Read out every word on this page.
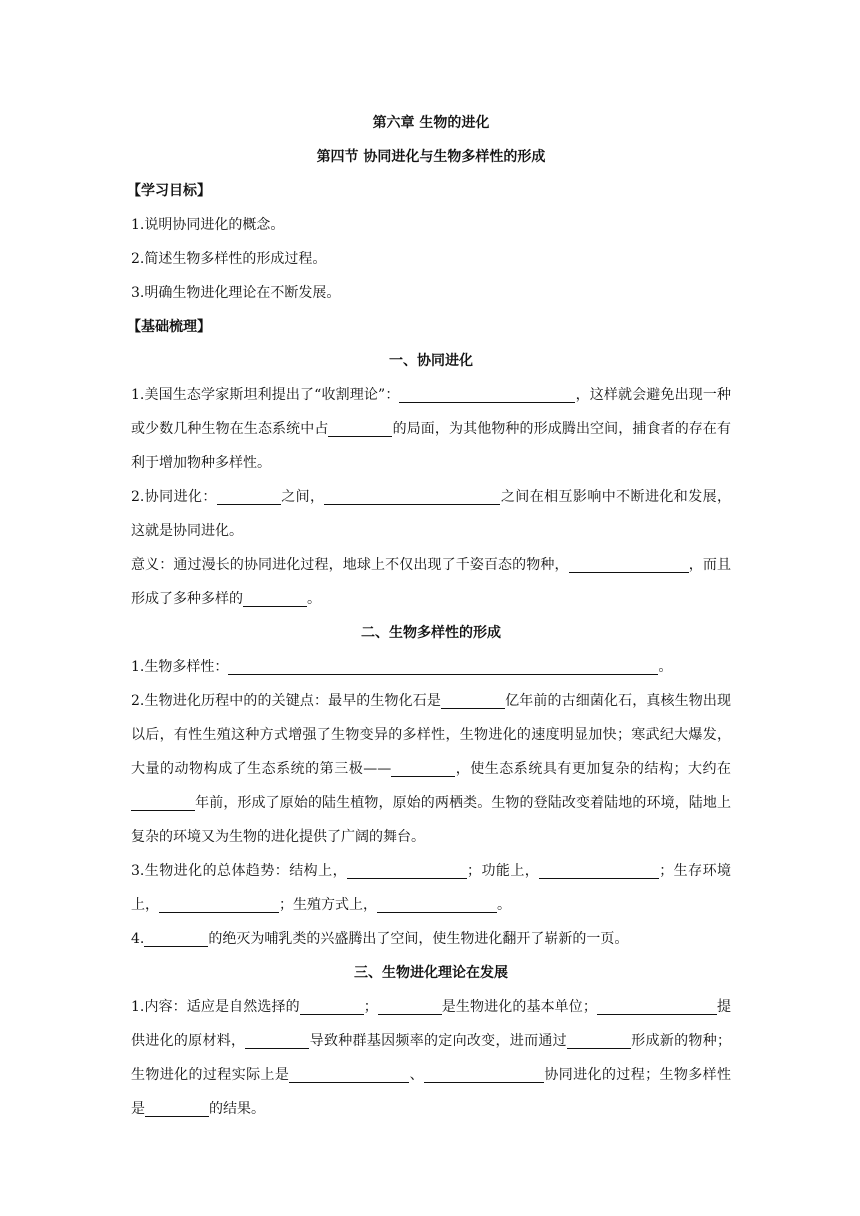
第六章 生物的进化
第四节 协同进化与生物多样性的形成
【学习目标】
1.说明协同进化的概念。
2.简述生物多样性的形成过程。
3.明确生物进化理论在不断发展。
【基础梳理】
一、协同进化

1.美国生态学家斯坦利提出了“收割理论”：	，这样就会避免出现一种或少数几种生物在生态系统中占	的局面，为其他物种的形成腾出空间，捕食者的存在有利于增加物种多样性。

2.协同进化：	之间，	之间在相互影响中不断进化和发展，这就是协同进化。

意义：通过漫长的协同进化过程，地球上不仅出现了千姿百态的物种，	，而且形成了多种多样的	。

二、生物多样性的形成

1.生物多样性：	。

2.生物进化历程中的的关键点：最早的生物化石是	亿年前的古细菌化石，真核生物出现以后，有性生殖这种方式增强了生物变异的多样性，生物进化的速度明显加快；寒武纪大爆发，大量的动物构成了生态系统的第三极——	，使生态系统具有更加复杂的结构；大约在年前，形成了原始的陆生植物，原始的两栖类。生物的登陆改变着陆地的环境，陆地上复杂的环境又为生物的进化提供了广阔的舞台。

3.生物进化的总体趋势：结构上，	；功能上，	；生存环境上，	；生殖方式上，	。

4.	的绝灭为哺乳类的兴盛腾出了空间，使生物进化翻开了崭新的一页。

三、生物进化理论在发展

1.内容：适应是自然选择的	；	是生物进化的基本单位；	提供进化的原材料，	导致种群基因频率的定向改变，进而通过	形成新的物种；生物进化的过程实际上是	、	协同进化的过程；生物多样性是	的结果。
